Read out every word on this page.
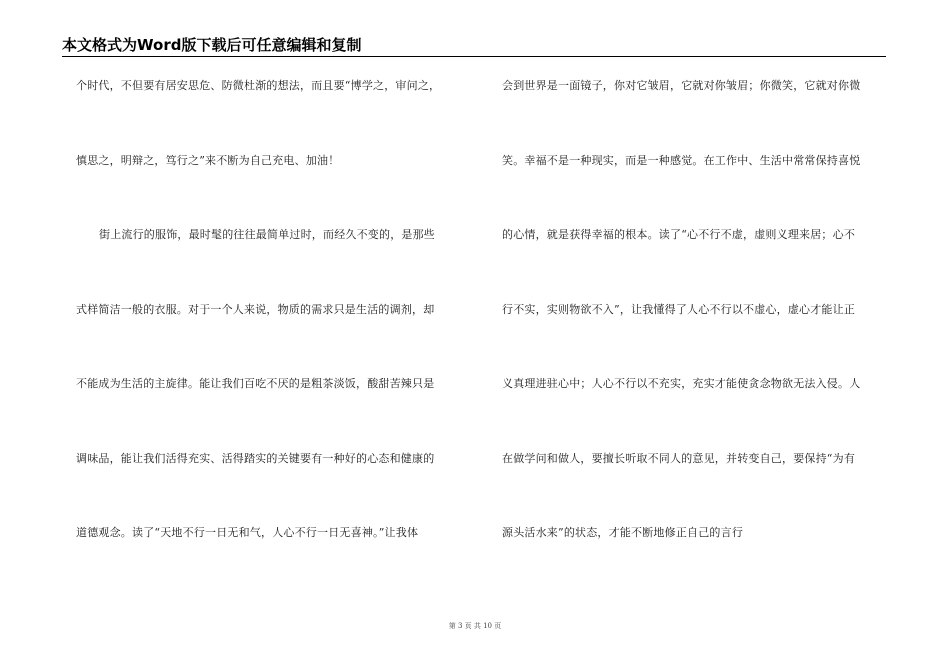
本文格式为Word版下载后可任意编辑和复制
个时代，不但要有居安思危、防微杜渐的想法，而且要“博学之，审问之，
慎思之，明辩之，笃行之”来不断为自己充电、加油！
街上流行的服饰，最时髦的往往最简单过时，而经久不变的，是那些
式样简洁一般的衣服。对于一个人来说，物质的需求只是生活的调剂，却
不能成为生活的主旋律。能让我们百吃不厌的是粗茶淡饭，酸甜苦辣只是
调味品，能让我们活得充实、活得踏实的关键要有一种好的心态和健康的
道德观念。读了“天地不行一日无和气，人心不行一日无喜神。”让我体
会到世界是一面镜子，你对它皱眉，它就对你皱眉；你微笑，它就对你微
笑。幸福不是一种现实，而是一种感觉。在工作中、生活中常常保持喜悦
的心情，就是获得幸福的根本。读了“心不行不虚，虚则义理来居；心不
行不实，实则物欲不入”，让我懂得了人心不行以不虚心，虚心才能让正
义真理进驻心中；人心不行以不充实，充实才能使贪念物欲无法入侵。人
在做学问和做人，要擅长听取不同人的意见，并转变自己，要保持“为有
源头活水来”的状态，才能不断地修正自己的言行
第 3 页 共 10 页
